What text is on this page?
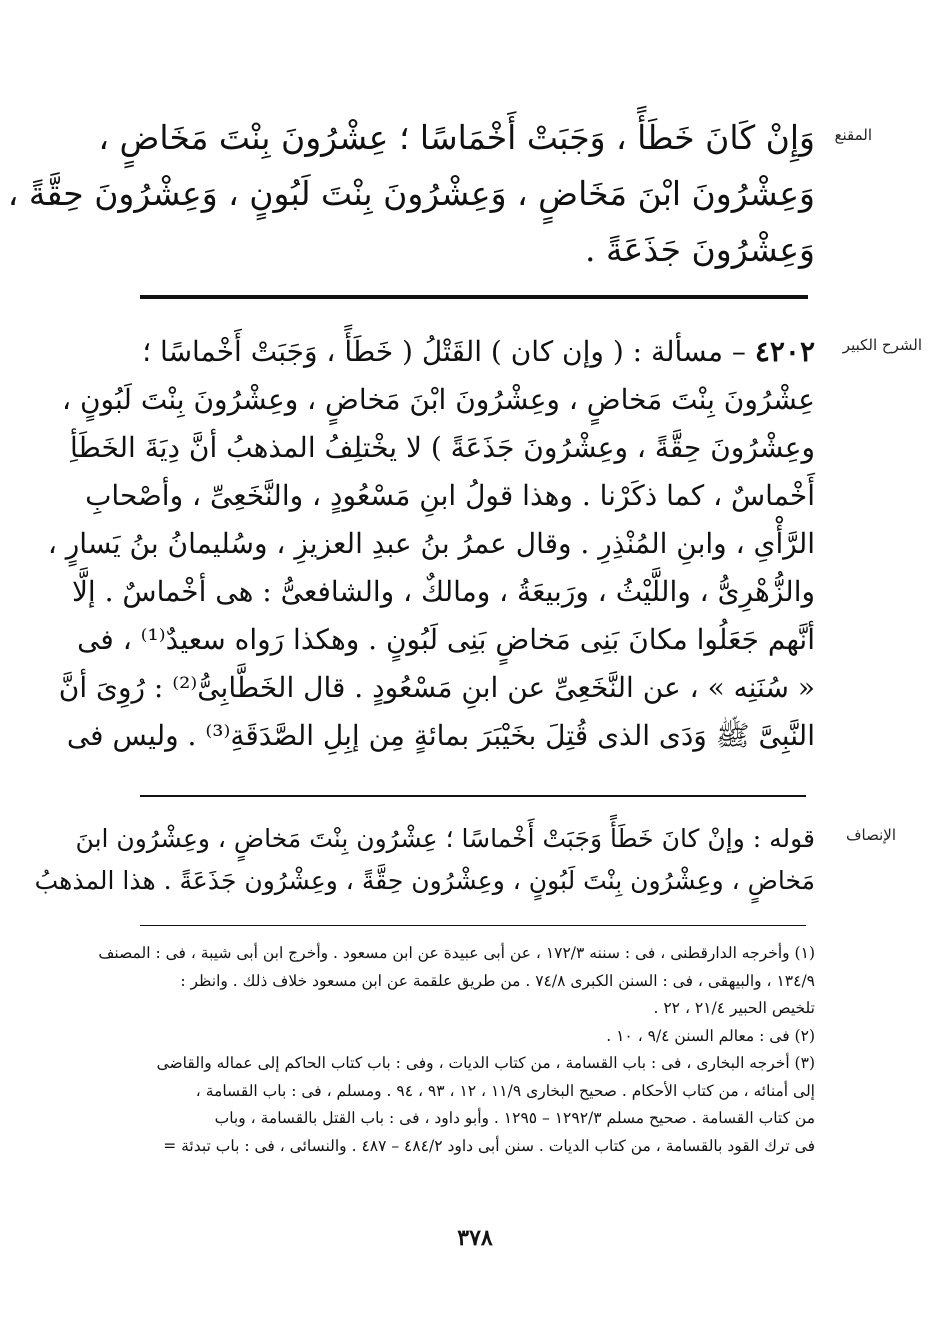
المقنع
وَإِنْ كَانَ خَطَأً ، وَجَبَتْ أَخْمَاسًا ؛ عِشْرُونَ بِنْتَ مَخَاضٍ ،
وَعِشْرُونَ ابْنَ مَخَاضٍ ، وَعِشْرُونَ بِنْتَ لَبُونٍ ، وَعِشْرُونَ حِقَّةً ،
وَعِشْرُونَ جَذَعَةً .
الشرح الكبير
٤٢٠٢ – مسألة : ( وإن كان ) القَتْلُ ( خَطَأً ، وَجَبَتْ أَخْماسًا ؛
عِشْرُونَ بِنْتَ مَخاضٍ ، وعِشْرُونَ ابْنَ مَخاضٍ ، وعِشْرُونَ بِنْتَ لَبُونٍ ،
وعِشْرُونَ حِقَّةً ، وعِشْرُونَ جَذَعَةً ) لا يخْتلِفُ المذهبُ أنَّ دِيَةَ الخَطَأِ
أَخْماسٌ ، كما ذكَرْنا . وهذا قولُ ابنِ مَسْعُودٍ ، والنَّخَعِىِّ ، وأصْحابِ
الرَّأْىِ ، وابنِ المُنْذِرِ . وقال عمرُ بنُ عبدِ العزيزِ ، وسُليمانُ بنُ يَسارٍ ،
والزُّهْرِىُّ ، واللَّيْثُ ، ورَبيعَةُ ، ومالكٌ ، والشافعىُّ : هى أخْماسٌ . إلَّا
أنَّهم جَعَلُوا مكانَ بَنِى مَخاضٍ بَنِى لَبُونٍ . وهكذا رَواه سعيدٌ⁽¹⁾ ، فى
« سُنَنِه » ، عن النَّخَعِىِّ عن ابنِ مَسْعُودٍ . قال الخَطَّابِىُّ⁽²⁾ : رُوِىَ أنَّ
النَّبِىَّ ﷺ وَدَى الذى قُتِلَ بخَيْبَرَ بمائةٍ مِن إبِلِ الصَّدَقَةِ⁽³⁾ . وليس فى
الإنصاف
قوله : وإنْ كانَ خَطَأً وَجَبَتْ أَخْماسًا ؛ عِشْرُون بِنْتَ مَخاضٍ ، وعِشْرُون ابنَ
مَخاضٍ ، وعِشْرُون بِنْتَ لَبُونٍ ، وعِشْرُون حِقَّةً ، وعِشْرُون جَذَعَةً . هذا المذهبُ
(١) وأخرجه الدارقطنى ، فى : سننه ١٧٢/٣ ، عن أبى عبيدة عن ابن مسعود . وأخرج ابن أبى شيبة ، فى : المصنف
١٣٤/٩ ، والبيهقى ، فى : السنن الكبرى ٧٤/٨ . من طريق علقمة عن ابن مسعود خلاف ذلك . وانظر :
تلخيص الحبير ٢١/٤ ، ٢٢ .
(٢) فى : معالم السنن ٩/٤ ، ١٠ .
(٣) أخرجه البخارى ، فى : باب القسامة ، من كتاب الديات ، وفى : باب كتاب الحاكم إلى عماله والقاضى
إلى أمنائه ، من كتاب الأحكام . صحيح البخارى ١١/٩ ، ١٢ ، ٩٣ ، ٩٤ . ومسلم ، فى : باب القسامة ،
من كتاب القسامة . صحيح مسلم ١٢٩٢/٣ – ١٢٩٥ . وأبو داود ، فى : باب القتل بالقسامة ، وباب
فى ترك القود بالقسامة ، من كتاب الديات . سنن أبى داود ٤٨٤/٢ – ٤٨٧ . والنسائى ، فى : باب تبدئة =
٣٧٨
